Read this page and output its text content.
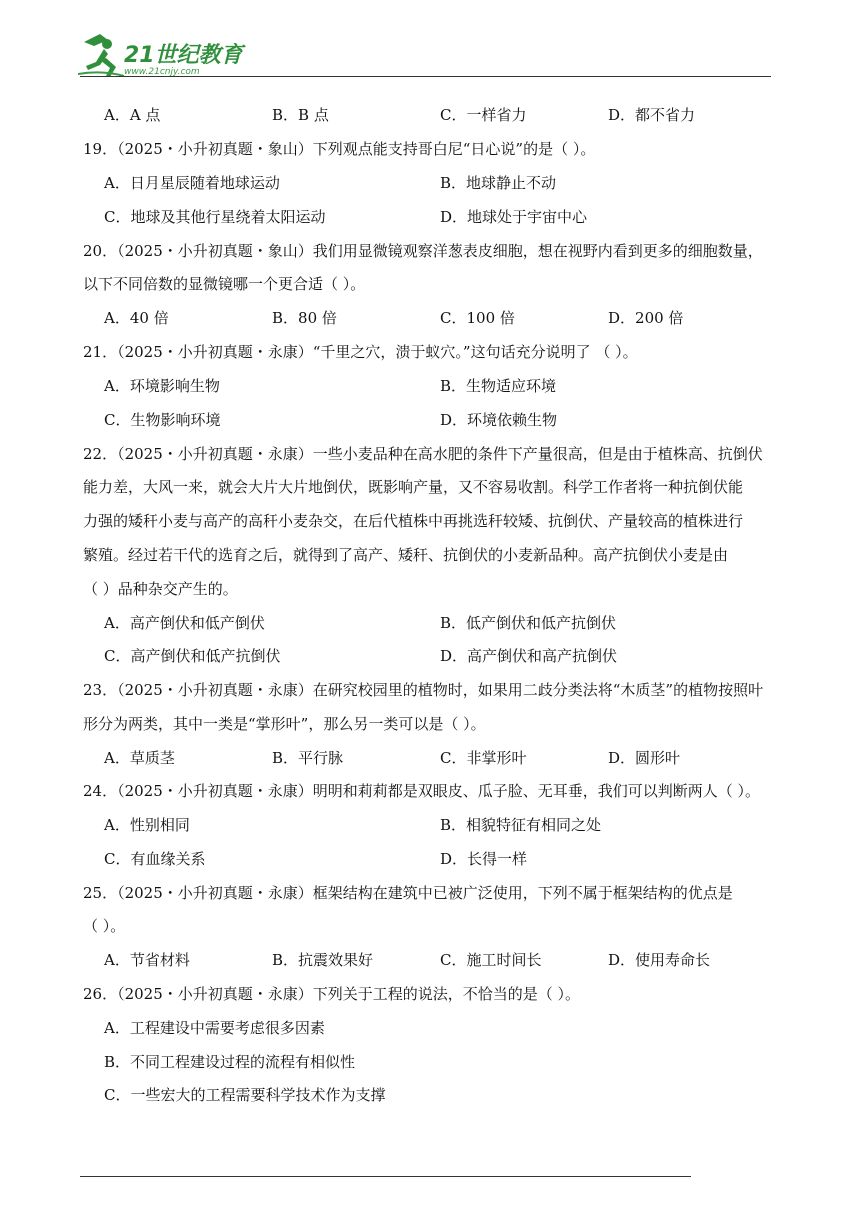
21世纪教育
www.21cnjy.com
A．A 点	B．B 点	C．一样省力	D．都不省力
19．（2025・小升初真题・象山）下列观点能支持哥白尼“日心说”的是（ ）。
A．日月星辰随着地球运动	B．地球静止不动
C．地球及其他行星绕着太阳运动	D．地球处于宇宙中心
20．（2025・小升初真题・象山）我们用显微镜观察洋葱表皮细胞，想在视野内看到更多的细胞数量，
以下不同倍数的显微镜哪一个更合适（ ）。
A．40 倍	B．80 倍	C．100 倍	D．200 倍
21．（2025・小升初真题・永康）“千里之穴，溃于蚁穴。”这句话充分说明了 （ ）。
A．环境影响生物	B．生物适应环境
C．生物影响环境	D．环境依赖生物
22．（2025・小升初真题・永康）一些小麦品种在高水肥的条件下产量很高，但是由于植株高、抗倒伏
能力差，大风一来，就会大片大片地倒伏，既影响产量，又不容易收割。科学工作者将一种抗倒伏能
力强的矮秆小麦与高产的高秆小麦杂交，在后代植株中再挑选秆较矮、抗倒伏、产量较高的植株进行
繁殖。经过若干代的选育之后，就得到了高产、矮秆、抗倒伏的小麦新品种。高产抗倒伏小麦是由
（ ）品种杂交产生的。
A．高产倒伏和低产倒伏	B．低产倒伏和低产抗倒伏
C．高产倒伏和低产抗倒伏	D．高产倒伏和高产抗倒伏
23．（2025・小升初真题・永康）在研究校园里的植物时，如果用二歧分类法将“木质茎”的植物按照叶
形分为两类，其中一类是“掌形叶”，那么另一类可以是（ ）。
A．草质茎	B．平行脉	C．非掌形叶	D．圆形叶
24．（2025・小升初真题・永康）明明和莉莉都是双眼皮、瓜子脸、无耳垂，我们可以判断两人（ ）。
A．性别相同	B．相貌特征有相同之处
C．有血缘关系	D．长得一样
25．（2025・小升初真题・永康）框架结构在建筑中已被广泛使用，下列不属于框架结构的优点是
（ ）。
A．节省材料	B．抗震效果好	C．施工时间长	D．使用寿命长
26．（2025・小升初真题・永康）下列关于工程的说法，不恰当的是（ ）。
A．工程建设中需要考虑很多因素
B．不同工程建设过程的流程有相似性
C．一些宏大的工程需要科学技术作为支撑
